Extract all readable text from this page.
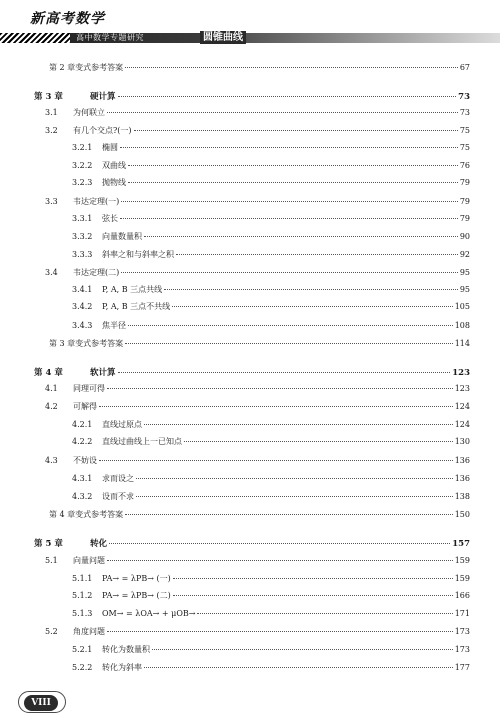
新高考数学
高中数学专题研究	圆锥曲线
第 2 章变式参考答案	67
第 3 章	硬计算	73
3.1	为何联立	73
3.2	有几个交点?(一)	75
3.2.1	椭圆	75
3.2.2	双曲线	76
3.2.3	抛物线	79
3.3	韦达定理(一)	79
3.3.1	弦长	79
3.3.2	向量数量积	90
3.3.3	斜率之和与斜率之积	92
3.4	韦达定理(二)	95
3.4.1	P, A, B 三点共线	95
3.4.2	P, A, B 三点不共线	105
3.4.3	焦半径	108
第 3 章变式参考答案	114
第 4 章	软计算	123
4.1	同理可得	123
4.2	可解得	124
4.2.1	直线过原点	124
4.2.2	直线过曲线上一已知点	130
4.3	不妨设	136
4.3.1	求而设之	136
4.3.2	设而不求	138
第 4 章变式参考答案	150
第 5 章	转化	157
5.1	向量问题	159
5.1.1	PA→ = λPB→ (一)	159
5.1.2	PA→ = λPB→ (二)	166
5.1.3	OM→ = λOA→ + μOB→	171
5.2	角度问题	173
5.2.1	转化为数量积	173
5.2.2	转化为斜率	177
VIII
